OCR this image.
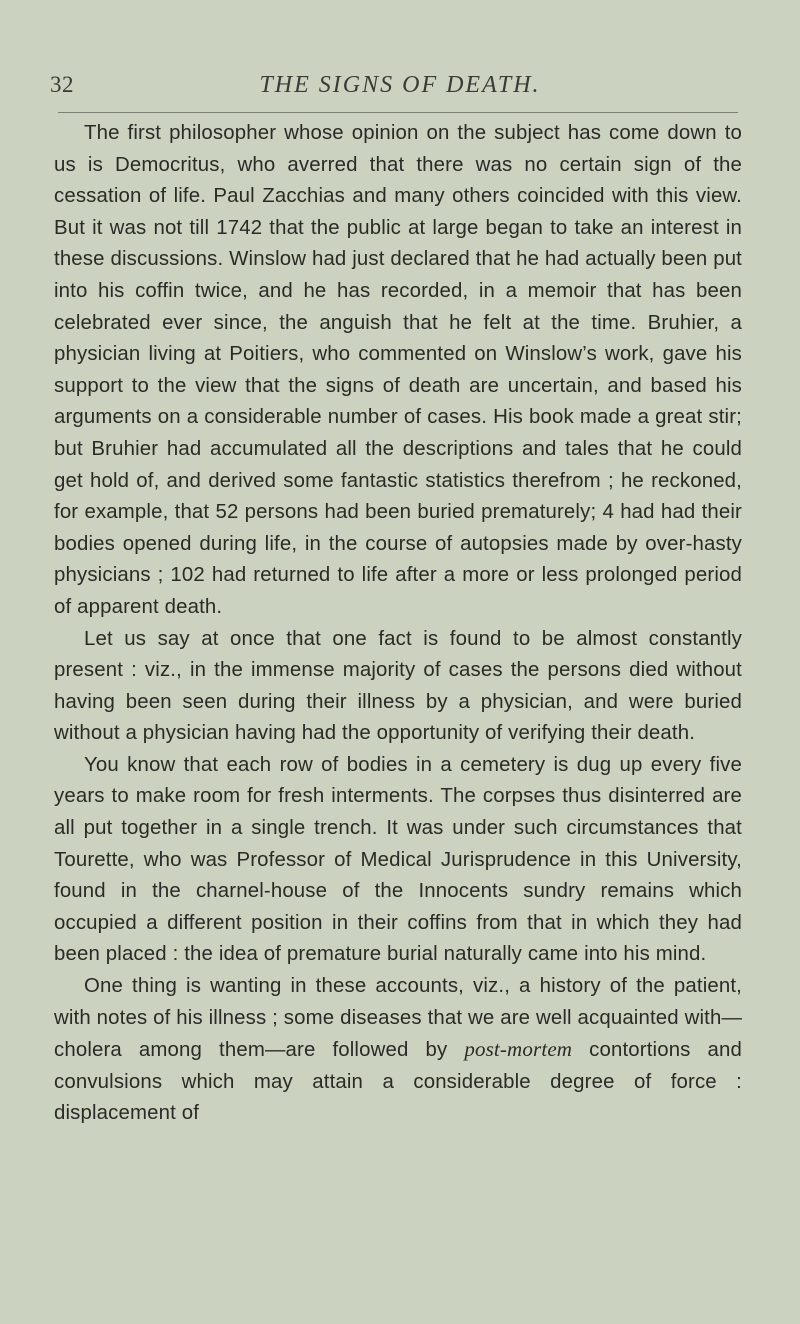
32	THE SIGNS OF DEATH.

The first philosopher whose opinion on the subject has come down to us is Democritus, who averred that there was no certain sign of the cessation of life. Paul Zacchias and many others coincided with this view. But it was not till 1742 that the public at large began to take an interest in these discussions. Winslow had just declared that he had actually been put into his coffin twice, and he has recorded, in a memoir that has been celebrated ever since, the anguish that he felt at the time. Bruhier, a physician living at Poitiers, who commented on Winslow’s work, gave his support to the view that the signs of death are uncertain, and based his arguments on a considerable number of cases. His book made a great stir; but Bruhier had accumulated all the descriptions and tales that he could get hold of, and derived some fantastic statistics therefrom ; he reckoned, for example, that 52 persons had been buried prematurely; 4 had had their bodies opened during life, in the course of autopsies made by over-hasty physicians ; 102 had returned to life after a more or less prolonged period of apparent death.

Let us say at once that one fact is found to be almost constantly present : viz., in the immense majority of cases the persons died without having been seen during their illness by a physician, and were buried without a physician having had the opportunity of verifying their death.

You know that each row of bodies in a cemetery is dug up every five years to make room for fresh interments. The corpses thus disinterred are all put together in a single trench. It was under such circumstances that Tourette, who was Professor of Medical Jurisprudence in this University, found in the charnel-house of the Innocents sundry remains which occupied a different position in their coffins from that in which they had been placed : the idea of premature burial naturally came into his mind.

One thing is wanting in these accounts, viz., a history of the patient, with notes of his illness ; some diseases that we are well acquainted with—cholera among them—are followed by post-mortem contortions and convulsions which may attain a considerable degree of force : displacement of
